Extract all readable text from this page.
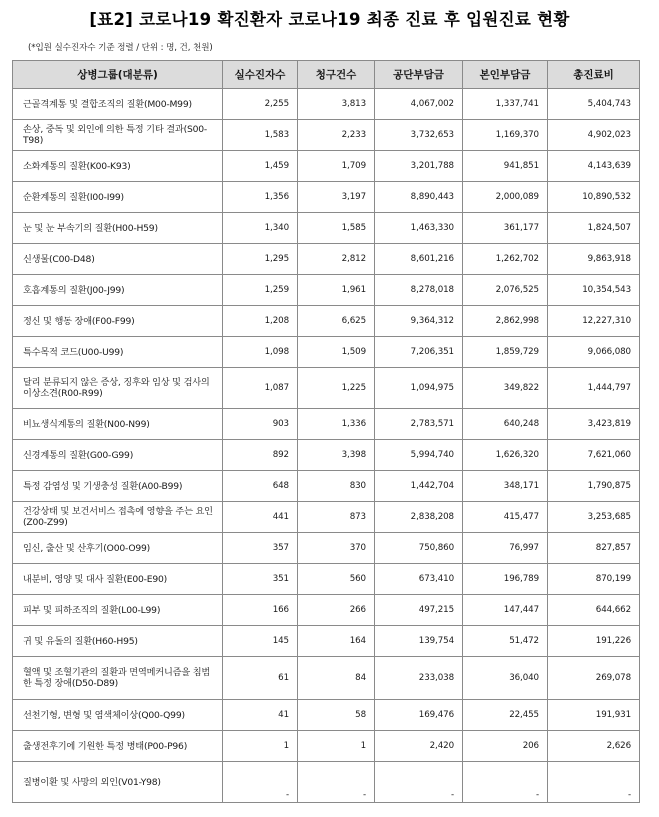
[표2] 코로나19 확진환자 코로나19 최종 진료 후 입원진료 현황
(*입원 실수진자수 기준 정렬 / 단위 : 명, 건, 천원)
상병그룹(대분류)	실수진자수	청구건수	공단부담금	본인부담금	총진료비
근골격계통 및 결합조직의 질환(M00-M99)	2,255	3,813	4,067,002	1,337,741	5,404,743
손상, 중독 및 외인에 의한 특정 기타 결과(S00-T98)	1,583	2,233	3,732,653	1,169,370	4,902,023
소화계통의 질환(K00-K93)	1,459	1,709	3,201,788	941,851	4,143,639
순환계통의 질환(I00-I99)	1,356	3,197	8,890,443	2,000,089	10,890,532
눈 및 눈 부속기의 질환(H00-H59)	1,340	1,585	1,463,330	361,177	1,824,507
신생물(C00-D48)	1,295	2,812	8,601,216	1,262,702	9,863,918
호흡계통의 질환(J00-J99)	1,259	1,961	8,278,018	2,076,525	10,354,543
정신 및 행동 장애(F00-F99)	1,208	6,625	9,364,312	2,862,998	12,227,310
특수목적 코드(U00-U99)	1,098	1,509	7,206,351	1,859,729	9,066,080
달리 분류되지 않은 증상, 징후와 임상 및 검사의 이상소견(R00-R99)	1,087	1,225	1,094,975	349,822	1,444,797
비뇨생식계통의 질환(N00-N99)	903	1,336	2,783,571	640,248	3,423,819
신경계통의 질환(G00-G99)	892	3,398	5,994,740	1,626,320	7,621,060
특정 감염성 및 기생충성 질환(A00-B99)	648	830	1,442,704	348,171	1,790,875
건강상태 및 보건서비스 접촉에 영향을 주는 요인(Z00-Z99)	441	873	2,838,208	415,477	3,253,685
임신, 출산 및 산후기(O00-O99)	357	370	750,860	76,997	827,857
내분비, 영양 및 대사 질환(E00-E90)	351	560	673,410	196,789	870,199
피부 및 피하조직의 질환(L00-L99)	166	266	497,215	147,447	644,662
귀 및 유돌의 질환(H60-H95)	145	164	139,754	51,472	191,226
혈액 및 조혈기관의 질환과 면역메커니즘을 침범한 특정 장애(D50-D89)	61	84	233,038	36,040	269,078
선천기형, 변형 및 염색체이상(Q00-Q99)	41	58	169,476	22,455	191,931
출생전후기에 기원한 특정 병태(P00-P96)	1	1	2,420	206	2,626
질병이환 및 사망의 외인(V01-Y98)	-	-	-	-	-
